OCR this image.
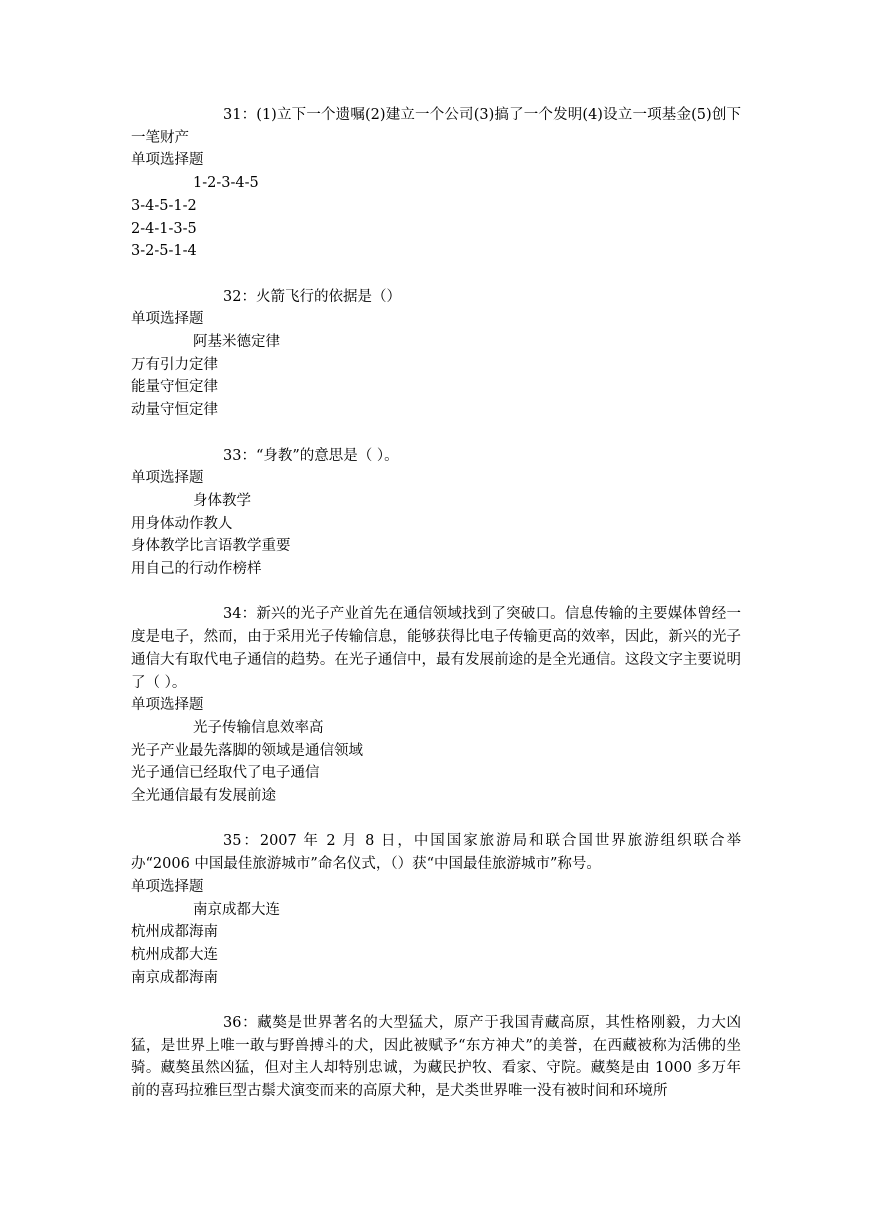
31：(1)立下一个遗嘱(2)建立一个公司(3)搞了一个发明(4)设立一项基金(5)创下一笔财产

单项选择题

1-2-3-4-5

3-4-5-1-2

2-4-1-3-5

3-2-5-1-4

32：火箭飞行的依据是（）

单项选择题

阿基米德定律

万有引力定律

能量守恒定律

动量守恒定律

33：“身教”的意思是（ ）。

单项选择题

身体教学

用身体动作教人

身体教学比言语教学重要

用自己的行动作榜样

34：新兴的光子产业首先在通信领域找到了突破口。信息传输的主要媒体曾经一度是电子，然而，由于采用光子传输信息，能够获得比电子传输更高的效率，因此，新兴的光子通信大有取代电子通信的趋势。在光子通信中，最有发展前途的是全光通信。这段文字主要说明了（ ）。

单项选择题

光子传输信息效率高

光子产业最先落脚的领域是通信领域

光子通信已经取代了电子通信

全光通信最有发展前途

35：2007 年 2 月 8 日，中国国家旅游局和联合国世界旅游组织联合举办“2006 中国最佳旅游城市”命名仪式，（）获“中国最佳旅游城市”称号。

单项选择题

南京成都大连

杭州成都海南

杭州成都大连

南京成都海南

36：藏獒是世界著名的大型猛犬，原产于我国青藏高原，其性格刚毅，力大凶猛，是世界上唯一敢与野兽搏斗的犬，因此被赋予“东方神犬”的美誉，在西藏被称为活佛的坐骑。藏獒虽然凶猛，但对主人却特别忠诚，为藏民护牧、看家、守院。藏獒是由 1000 多万年前的喜玛拉雅巨型古鬃犬演变而来的高原犬种，是犬类世界唯一没有被时间和环境所
